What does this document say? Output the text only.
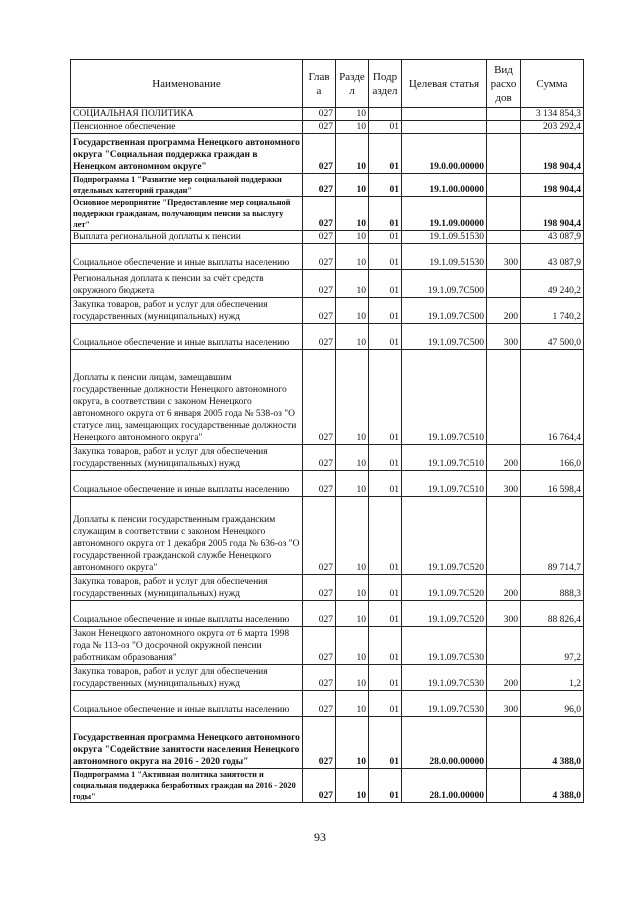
Наименование	Глав а	Разде л	Подр аздел	Целевая статья	Вид расхо дов	Сумма
СОЦИАЛЬНАЯ ПОЛИТИКА	027	10				3 134 854,3
Пенсионное обеспечение	027	10	01			203 292,4
Государственная программа Ненецкого автономного округа "Социальная поддержка граждан в Ненецком автономном округе"	027	10	01	19.0.00.00000		198 904,4
Подпрограмма 1 "Развитие мер социальной поддержки отдельных категорий граждан"	027	10	01	19.1.00.00000		198 904,4
Основное мероприятие "Предоставление мер социальной поддержки гражданам, получающим пенсии за выслугу лет"	027	10	01	19.1.09.00000		198 904,4
Выплата региональной доплаты к пенсии	027	10	01	19.1.09.51530		43 087,9
Социальное обеспечение и иные выплаты населению	027	10	01	19.1.09.51530	300	43 087,9
Региональная доплата к пенсии за счёт средств окружного бюджета	027	10	01	19.1.09.7С500		49 240,2
Закупка товаров, работ и услуг для обеспечения государственных (муниципальных) нужд	027	10	01	19.1.09.7С500	200	1 740,2
Социальное обеспечение и иные выплаты населению	027	10	01	19.1.09.7С500	300	47 500,0
Доплаты к пенсии лицам, замещавшим государственные должности Ненецкого автономного округа, в соответствии с законом Ненецкого автономного округа от 6 января 2005 года № 538-оз "О статусе лиц, замещающих государственные должности Ненецкого автономного округа"	027	10	01	19.1.09.7С510		16 764,4
Закупка товаров, работ и услуг для обеспечения государственных (муниципальных) нужд	027	10	01	19.1.09.7С510	200	166,0
Социальное обеспечение и иные выплаты населению	027	10	01	19.1.09.7С510	300	16 598,4
Доплаты к пенсии государственным гражданским служащим в соответствии с законом Ненецкого автономного округа от 1 декабря 2005 года № 636-оз "О государственной гражданской службе Ненецкого автономного округа"	027	10	01	19.1.09.7С520		89 714,7
Закупка товаров, работ и услуг для обеспечения государственных (муниципальных) нужд	027	10	01	19.1.09.7С520	200	888,3
Социальное обеспечение и иные выплаты населению	027	10	01	19.1.09.7С520	300	88 826,4
Закон Ненецкого автономного округа от 6 марта 1998 года № 113-оз "О досрочной окружной пенсии работникам образования"	027	10	01	19.1.09.7С530		97,2
Закупка товаров, работ и услуг для обеспечения государственных (муниципальных) нужд	027	10	01	19.1.09.7С530	200	1,2
Социальное обеспечение и иные выплаты населению	027	10	01	19.1.09.7С530	300	96,0
Государственная программа Ненецкого автономного округа "Содействие занятости населения Ненецкого автономного округа на 2016 - 2020 годы"	027	10	01	28.0.00.00000		4 388,0
Подпрограмма 1 "Активная политика занятости и социальная поддержка безработных граждан на 2016 - 2020 годы"	027	10	01	28.1.00.00000		4 388,0
93
